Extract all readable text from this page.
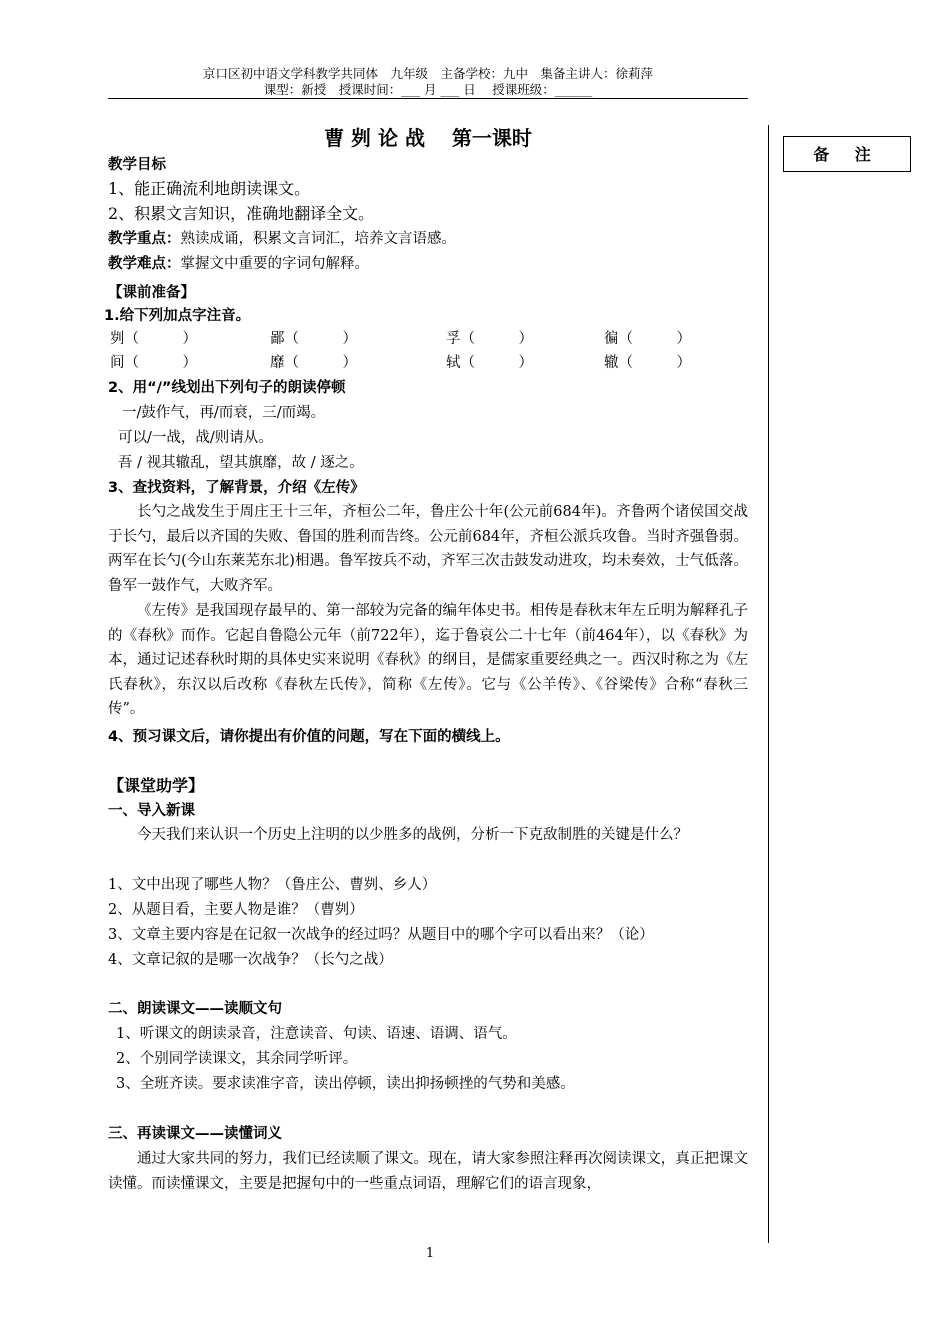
京口区初中语文学科教学共同体　九年级　主备学校：九中　集备主讲人：徐莉萍
课型：新授　授课时间：___ 月 ___ 日　 授课班级：______
备 注
曹 刿 论 战　 第一课时
教学目标
1、能正确流利地朗读课文。
2、积累文言知识，准确地翻译全文。
教学重点：熟读成诵，积累文言词汇，培养文言语感。
教学难点：掌握文中重要的字词句解释。
【课前准备】
1.给下列加点字注音。
刿（　　　）	鄙（　　　）	孚（　　　）	徧（　　　）
间（　　　）	靡（　　　）	轼（　　　）	辙（　　　）
2、用“/”线划出下列句子的朗读停顿
一/鼓作气，再/而衰，三/而竭。
可以/一战，战/则请从。
吾 / 视其辙乱，望其旗靡，故 / 逐之。
3、查找资料，了解背景，介绍《左传》
长勺之战发生于周庄王十三年，齐桓公二年，鲁庄公十年(公元前684年)。齐鲁两个诸侯国交战于长勺，最后以齐国的失败、鲁国的胜利而告终。公元前684年，齐桓公派兵攻鲁。当时齐强鲁弱。两军在长勺(今山东莱芜东北)相遇。鲁军按兵不动，齐军三次击鼓发动进攻，均未奏效，士气低落。鲁军一鼓作气，大败齐军。
《左传》是我国现存最早的、第一部较为完备的编年体史书。相传是春秋末年左丘明为解释孔子的《春秋》而作。它起自鲁隐公元年（前722年），迄于鲁哀公二十七年（前464年），以《春秋》为本，通过记述春秋时期的具体史实来说明《春秋》的纲目，是儒家重要经典之一。西汉时称之为《左氏春秋》，东汉以后改称《春秋左氏传》，简称《左传》。它与《公羊传》、《谷梁传》合称“春秋三传”。
4、预习课文后，请你提出有价值的问题，写在下面的横线上。
【课堂助学】
一、导入新课
今天我们来认识一个历史上注明的以少胜多的战例，分析一下克敌制胜的关键是什么？
1、文中出现了哪些人物？（鲁庄公、曹刿、乡人）
2、从题目看，主要人物是谁？（曹刿）
3、文章主要内容是在记叙一次战争的经过吗？从题目中的哪个字可以看出来？（论）
4、文章记叙的是哪一次战争？（长勺之战）
二、朗读课文——读顺文句
1、听课文的朗读录音，注意读音、句读、语速、语调、语气。
2、个别同学读课文，其余同学听评。
3、全班齐读。要求读准字音，读出停顿，读出抑扬顿挫的气势和美感。
三、再读课文——读懂词义
通过大家共同的努力，我们已经读顺了课文。现在，请大家参照注释再次阅读课文，真正把课文读懂。而读懂课文，主要是把握句中的一些重点词语，理解它们的语言现象，
1
